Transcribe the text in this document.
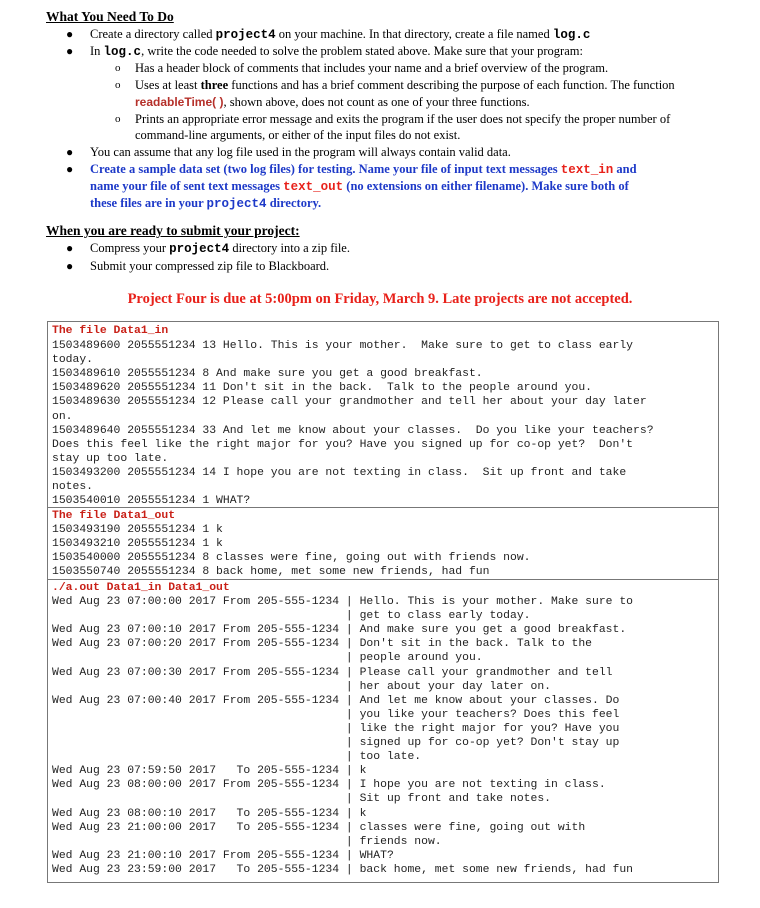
What You Need To Do
● Create a directory called project4 on your machine. In that directory, create a file named log.c
● In log.c, write the code needed to solve the problem stated above. Make sure that your program:
o Has a header block of comments that includes your name and a brief overview of the program.
o Uses at least three functions and has a brief comment describing the purpose of each function. The function
readableTime( ), shown above, does not count as one of your three functions.
o Prints an appropriate error message and exits the program if the user does not specify the proper number of
command-line arguments, or either of the input files do not exist.
● You can assume that any log file used in the program will always contain valid data.
● Create a sample data set (two log files) for testing. Name your file of input text messages text_in and
name your file of sent text messages text_out (no extensions on either filename). Make sure both of
these files are in your project4 directory.
When you are ready to submit your project:
● Compress your project4 directory into a zip file.
● Submit your compressed zip file to Blackboard.
Project Four is due at 5:00pm on Friday, March 9. Late projects are not accepted.
The file Data1_in
1503489600 2055551234 13 Hello. This is your mother.  Make sure to get to class early
today.
1503489610 2055551234 8 And make sure you get a good breakfast.
1503489620 2055551234 11 Don't sit in the back.  Talk to the people around you.
1503489630 2055551234 12 Please call your grandmother and tell her about your day later
on.
1503489640 2055551234 33 And let me know about your classes.  Do you like your teachers?
Does this feel like the right major for you? Have you signed up for co-op yet?  Don't
stay up too late.
1503493200 2055551234 14 I hope you are not texting in class.  Sit up front and take
notes.
1503540010 2055551234 1 WHAT?
The file Data1_out
1503493190 2055551234 1 k
1503493210 2055551234 1 k
1503540000 2055551234 8 classes were fine, going out with friends now.
1503550740 2055551234 8 back home, met some new friends, had fun
./a.out Data1_in Data1_out
Wed Aug 23 07:00:00 2017 From 205-555-1234 | Hello. This is your mother. Make sure to
| get to class early today.
Wed Aug 23 07:00:10 2017 From 205-555-1234 | And make sure you get a good breakfast.
Wed Aug 23 07:00:20 2017 From 205-555-1234 | Don't sit in the back. Talk to the
| people around you.
Wed Aug 23 07:00:30 2017 From 205-555-1234 | Please call your grandmother and tell
| her about your day later on.
Wed Aug 23 07:00:40 2017 From 205-555-1234 | And let me know about your classes. Do
| you like your teachers? Does this feel
| like the right major for you? Have you
| signed up for co-op yet? Don't stay up
| too late.
Wed Aug 23 07:59:50 2017   To 205-555-1234 | k
Wed Aug 23 08:00:00 2017 From 205-555-1234 | I hope you are not texting in class.
| Sit up front and take notes.
Wed Aug 23 08:00:10 2017   To 205-555-1234 | k
Wed Aug 23 21:00:00 2017   To 205-555-1234 | classes were fine, going out with
| friends now.
Wed Aug 23 21:00:10 2017 From 205-555-1234 | WHAT?
Wed Aug 23 23:59:00 2017   To 205-555-1234 | back home, met some new friends, had fun
